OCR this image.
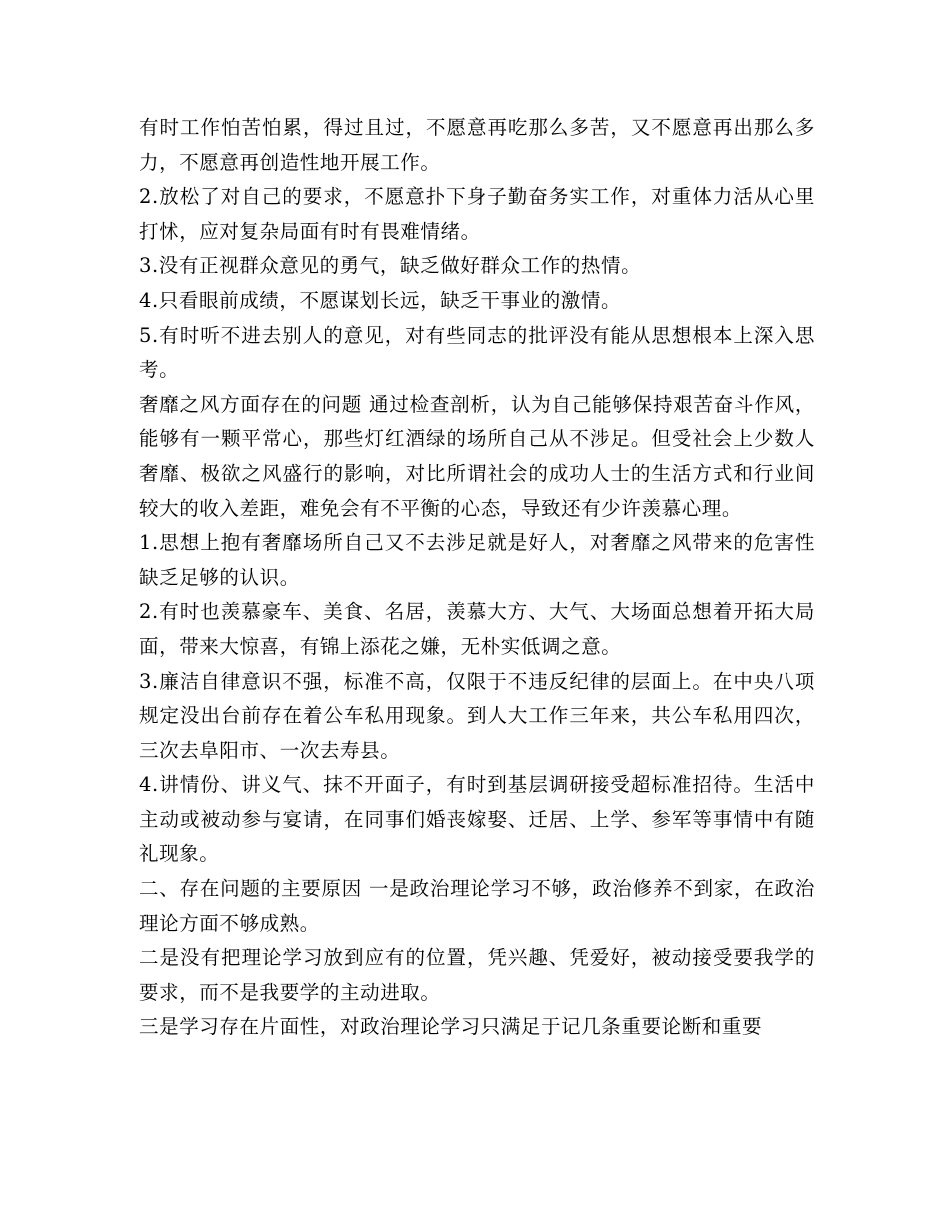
有时工作怕苦怕累，得过且过，不愿意再吃那么多苦，又不愿意再出那么多力，不愿意再创造性地开展工作。

2.放松了对自己的要求，不愿意扑下身子勤奋务实工作，对重体力活从心里打怵，应对复杂局面有时有畏难情绪。

3.没有正视群众意见的勇气，缺乏做好群众工作的热情。

4.只看眼前成绩，不愿谋划长远，缺乏干事业的激情。

5.有时听不进去别人的意见，对有些同志的批评没有能从思想根本上深入思考。

奢靡之风方面存在的问题 通过检查剖析，认为自己能够保持艰苦奋斗作风，能够有一颗平常心，那些灯红酒绿的场所自己从不涉足。但受社会上少数人奢靡、极欲之风盛行的影响，对比所谓社会的成功人士的生活方式和行业间较大的收入差距，难免会有不平衡的心态，导致还有少许羡慕心理。

1.思想上抱有奢靡场所自己又不去涉足就是好人，对奢靡之风带来的危害性缺乏足够的认识。

2.有时也羡慕豪车、美食、名居，羡慕大方、大气、大场面总想着开拓大局面，带来大惊喜，有锦上添花之嫌，无朴实低调之意。

3.廉洁自律意识不强，标准不高，仅限于不违反纪律的层面上。在中央八项规定没出台前存在着公车私用现象。到人大工作三年来，共公车私用四次，三次去阜阳市、一次去寿县。

4.讲情份、讲义气、抹不开面子，有时到基层调研接受超标准招待。生活中主动或被动参与宴请，在同事们婚丧嫁娶、迁居、上学、参军等事情中有随礼现象。

二、存在问题的主要原因 一是政治理论学习不够，政治修养不到家，在政治理论方面不够成熟。

二是没有把理论学习放到应有的位置，凭兴趣、凭爱好，被动接受要我学的要求，而不是我要学的主动进取。

三是学习存在片面性，对政治理论学习只满足于记几条重要论断和重要
